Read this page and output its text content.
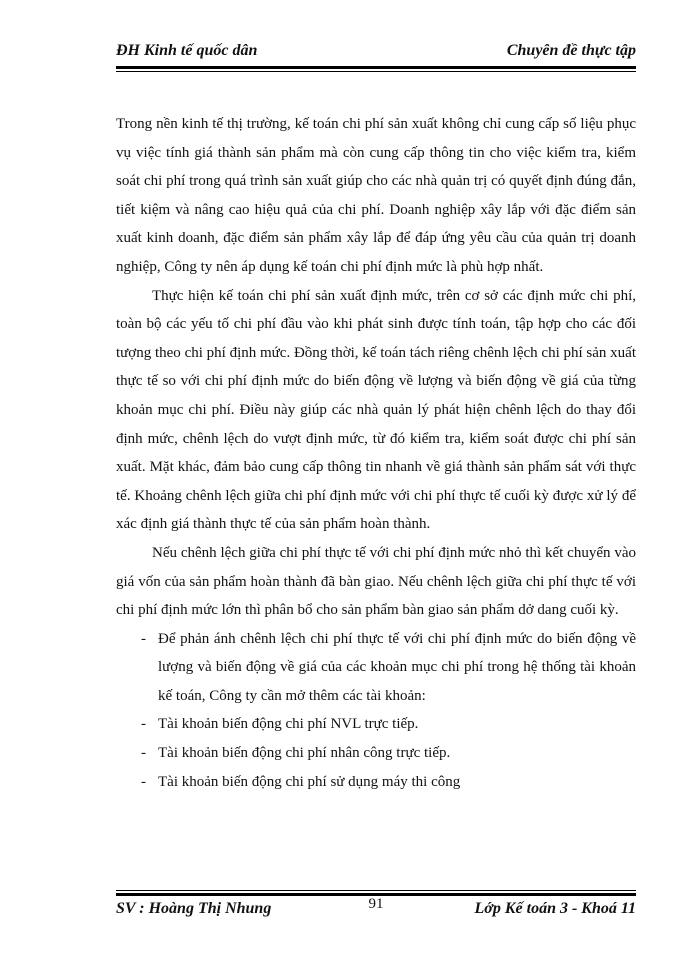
ĐH Kinh tế quốc dân	Chuyên đề thực tập

Trong nền kinh tế thị trường, kế toán chi phí sản xuất không chỉ cung cấp số liệu phục vụ việc tính giá thành sản phẩm mà còn cung cấp thông tin cho việc kiểm tra, kiểm soát chi phí trong quá trình sản xuất giúp cho các nhà quản trị có quyết định đúng đắn, tiết kiệm và nâng cao hiệu quả của chi phí. Doanh nghiệp xây lắp với đặc điểm sản xuất kinh doanh, đặc điểm sản phẩm xây lắp để đáp ứng yêu cầu của quản trị doanh nghiệp, Công ty nên áp dụng kế toán chi phí định mức là phù hợp nhất.

Thực hiện kế toán chi phí sản xuất định mức, trên cơ sở các định mức chi phí, toàn bộ các yếu tố chi phí đầu vào khi phát sinh được tính toán, tập hợp cho các đối tượng theo chi phí định mức. Đồng thời, kế toán tách riêng chênh lệch chi phí sản xuất thực tế so với chi phí định mức do biến động về lượng và biến động về giá của từng khoản mục chi phí. Điều này giúp các nhà quản lý phát hiện chênh lệch do thay đổi định mức, chênh lệch do vượt định mức, từ đó kiểm tra, kiểm soát được chi phí sản xuất. Mặt khác, đảm bảo cung cấp thông tin nhanh về giá thành sản phẩm sát với thực tế. Khoảng chênh lệch giữa chi phí định mức với chi phí thực tế cuối kỳ được xử lý để xác định giá thành thực tế của sản phẩm hoàn thành.

Nếu chênh lệch giữa chi phí thực tế với chi phí định mức nhỏ thì kết chuyển vào giá vốn của sản phẩm hoàn thành đã bàn giao. Nếu chênh lệch giữa chi phí thực tế với chi phí định mức lớn thì phân bổ cho sản phẩm bàn giao sản phẩm dở dang cuối kỳ.

- Để phản ánh chênh lệch chi phí thực tế với chi phí định mức do biến động về lượng và biến động về giá của các khoản mục chi phí trong hệ thống tài khoản kế toán, Công ty cần mở thêm các tài khoản:
- Tài khoản biến động chi phí NVL trực tiếp.
- Tài khoản biến động chi phí nhân công trực tiếp.
- Tài khoản biến động chi phí sử dụng máy thi công
SV : Hoàng Thị Nhung	91	Lớp Kế toán 3 - Khoá 11
